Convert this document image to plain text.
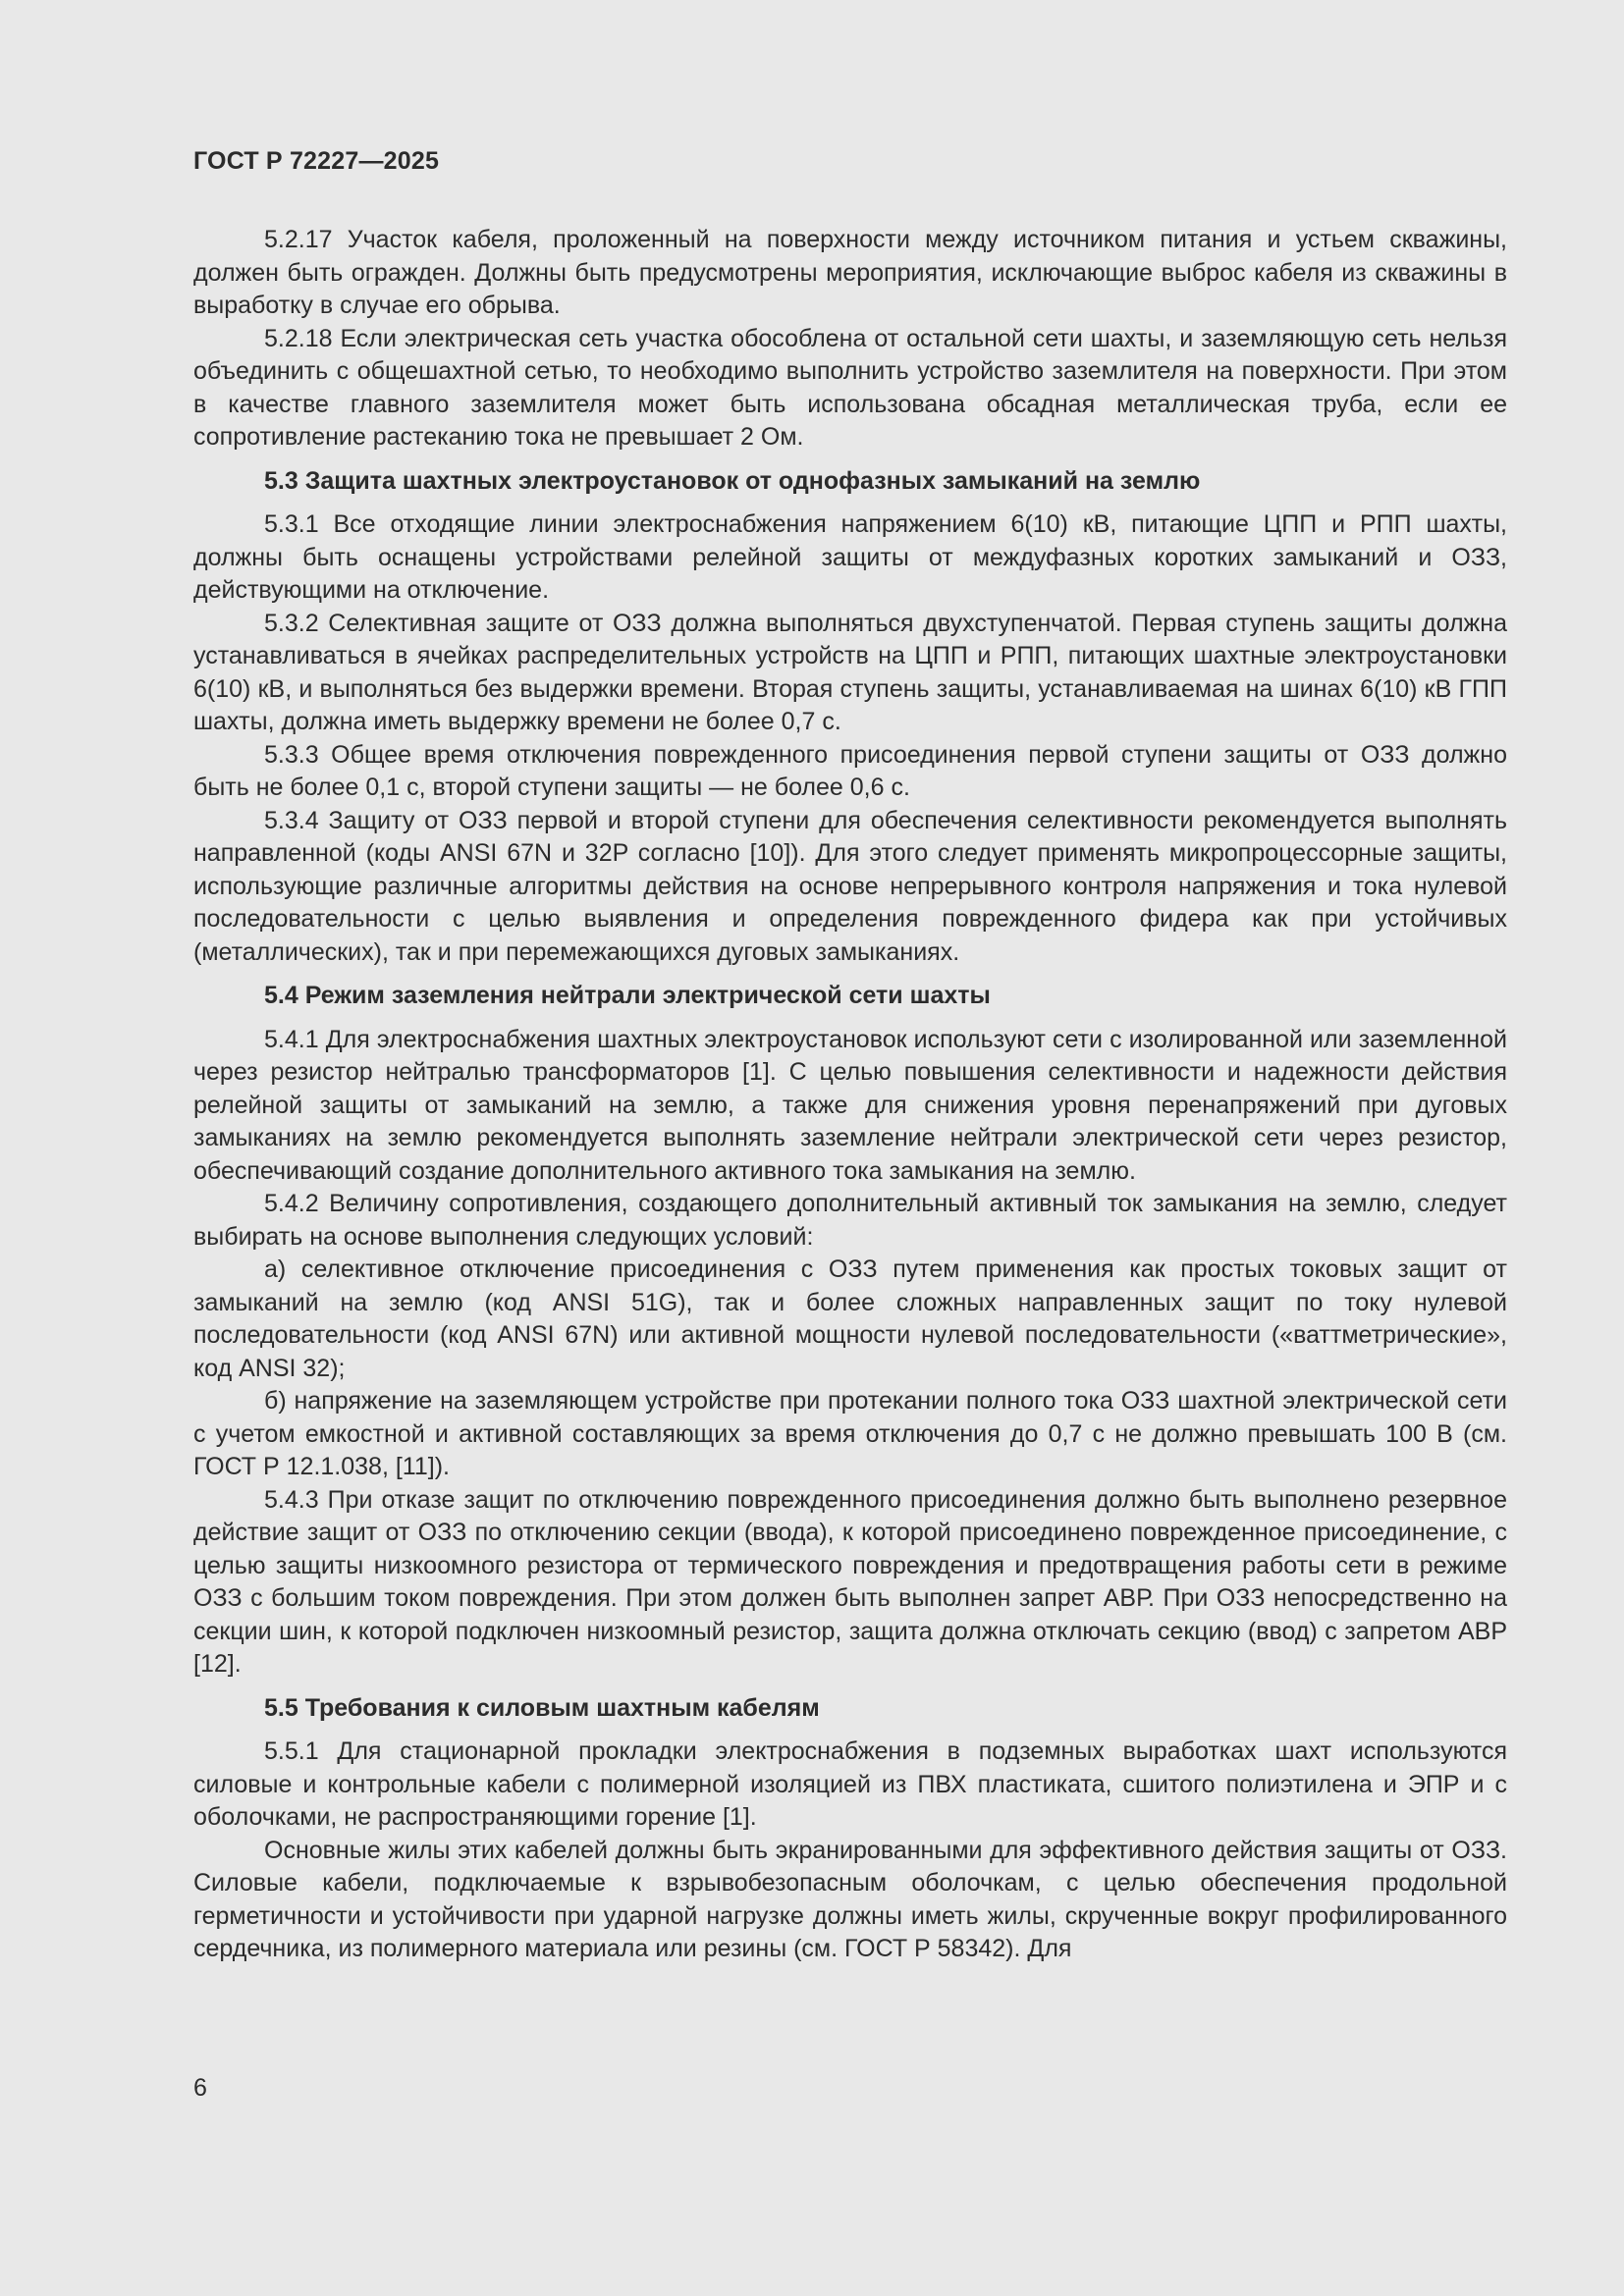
ГОСТ Р 72227—2025

5.2.17 Участок кабеля, проложенный на поверхности между источником питания и устьем скважины, должен быть огражден. Должны быть предусмотрены мероприятия, исключающие выброс кабеля из скважины в выработку в случае его обрыва.

5.2.18 Если электрическая сеть участка обособлена от остальной сети шахты, и заземляющую сеть нельзя объединить с общешахтной сетью, то необходимо выполнить устройство заземлителя на поверхности. При этом в качестве главного заземлителя может быть использована обсадная металлическая труба, если ее сопротивление растеканию тока не превышает 2 Ом.

5.3 Защита шахтных электроустановок от однофазных замыканий на землю

5.3.1 Все отходящие линии электроснабжения напряжением 6(10) кВ, питающие ЦПП и РПП шахты, должны быть оснащены устройствами релейной защиты от междуфазных коротких замыканий и ОЗЗ, действующими на отключение.

5.3.2 Селективная защите от ОЗЗ должна выполняться двухступенчатой. Первая ступень защиты должна устанавливаться в ячейках распределительных устройств на ЦПП и РПП, питающих шахтные электроустановки 6(10) кВ, и выполняться без выдержки времени. Вторая ступень защиты, устанавливаемая на шинах 6(10) кВ ГПП шахты, должна иметь выдержку времени не более 0,7 с.

5.3.3 Общее время отключения поврежденного присоединения первой ступени защиты от ОЗЗ должно быть не более 0,1 с, второй ступени защиты — не более 0,6 с.

5.3.4 Защиту от ОЗЗ первой и второй ступени для обеспечения селективности рекомендуется выполнять направленной (коды ANSI 67N и 32P согласно [10]). Для этого следует применять микропроцессорные защиты, использующие различные алгоритмы действия на основе непрерывного контроля напряжения и тока нулевой последовательности с целью выявления и определения поврежденного фидера как при устойчивых (металлических), так и при перемежающихся дуговых замыканиях.

5.4 Режим заземления нейтрали электрической сети шахты

5.4.1 Для электроснабжения шахтных электроустановок используют сети с изолированной или заземленной через резистор нейтралью трансформаторов [1]. С целью повышения селективности и надежности действия релейной защиты от замыканий на землю, а также для снижения уровня перенапряжений при дуговых замыканиях на землю рекомендуется выполнять заземление нейтрали электрической сети через резистор, обеспечивающий создание дополнительного активного тока замыкания на землю.

5.4.2 Величину сопротивления, создающего дополнительный активный ток замыкания на землю, следует выбирать на основе выполнения следующих условий:

а) селективное отключение присоединения с ОЗЗ путем применения как простых токовых защит от замыканий на землю (код ANSI 51G), так и более сложных направленных защит по току нулевой последовательности (код ANSI 67N) или активной мощности нулевой последовательности («ваттметрические», код ANSI 32);

б) напряжение на заземляющем устройстве при протекании полного тока ОЗЗ шахтной электрической сети с учетом емкостной и активной составляющих за время отключения до 0,7 с не должно превышать 100 В (см. ГОСТ Р 12.1.038, [11]).

5.4.3 При отказе защит по отключению поврежденного присоединения должно быть выполнено резервное действие защит от ОЗЗ по отключению секции (ввода), к которой присоединено поврежденное присоединение, с целью защиты низкоомного резистора от термического повреждения и предотвращения работы сети в режиме ОЗЗ с большим током повреждения. При этом должен быть выполнен запрет АВР. При ОЗЗ непосредственно на секции шин, к которой подключен низкоомный резистор, защита должна отключать секцию (ввод) с запретом АВР [12].

5.5 Требования к силовым шахтным кабелям

5.5.1 Для стационарной прокладки электроснабжения в подземных выработках шахт используются силовые и контрольные кабели с полимерной изоляцией из ПВХ пластиката, сшитого полиэтилена и ЭПР и с оболочками, не распространяющими горение [1].

Основные жилы этих кабелей должны быть экранированными для эффективного действия защиты от ОЗЗ. Силовые кабели, подключаемые к взрывобезопасным оболочкам, с целью обеспечения продольной герметичности и устойчивости при ударной нагрузке должны иметь жилы, скрученные вокруг профилированного сердечника, из полимерного материала или резины (см. ГОСТ Р 58342). Для

6
